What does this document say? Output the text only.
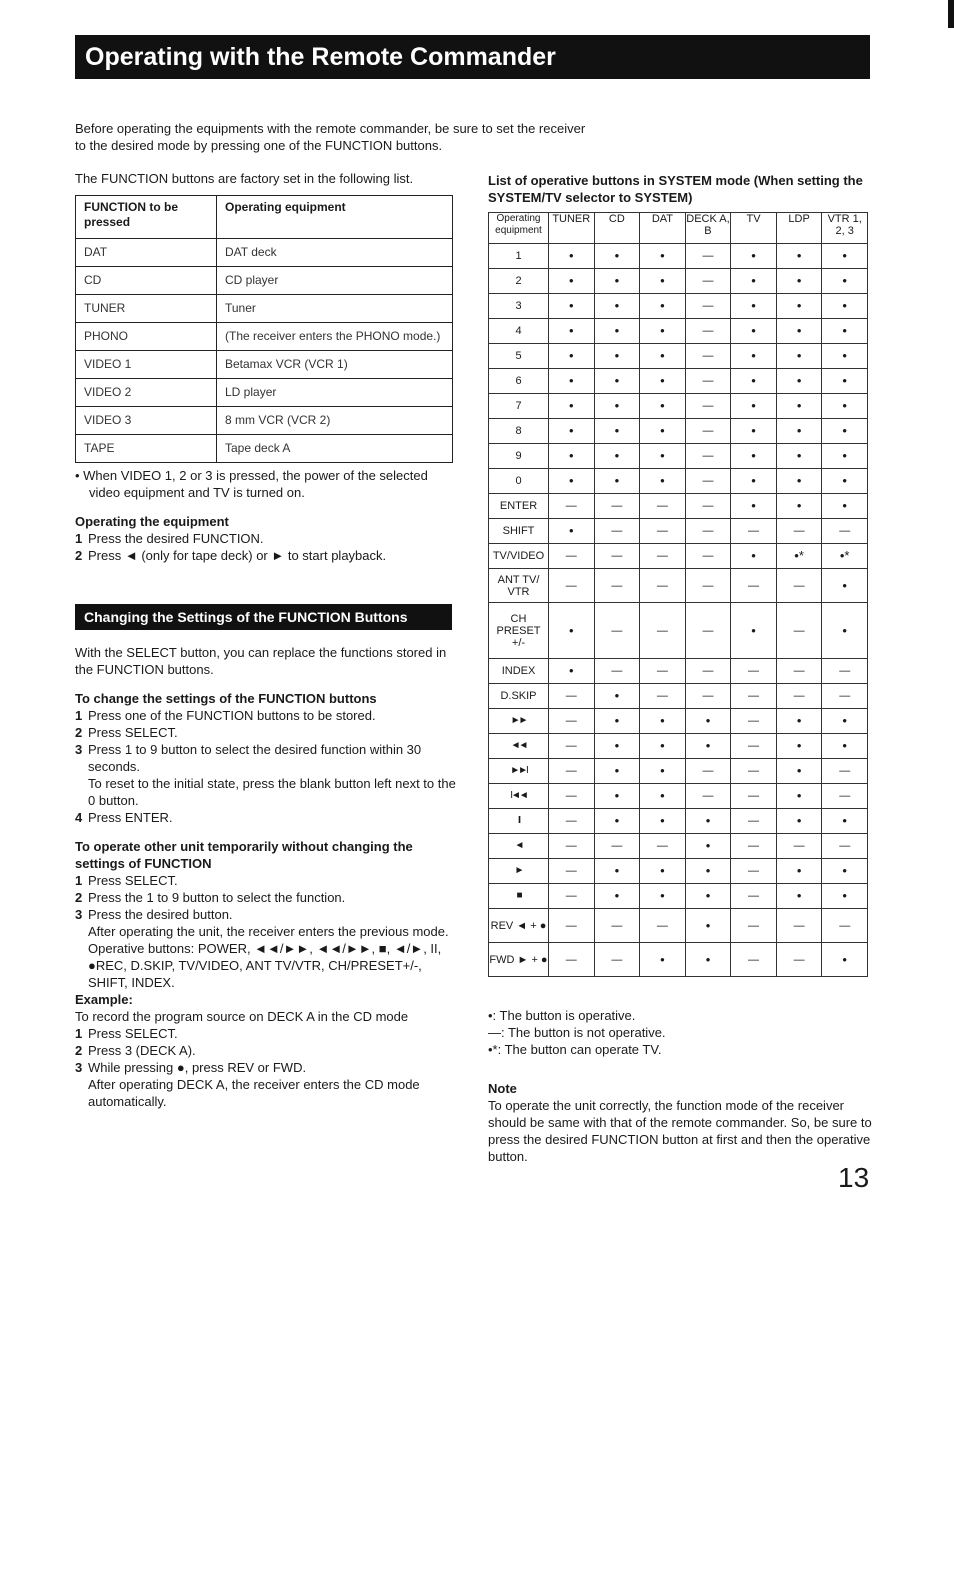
Operating with the Remote Commander

Before operating the equipments with the remote commander, be sure to set the receiver to the desired mode by pressing one of the FUNCTION buttons.

The FUNCTION buttons are factory set in the following list.

FUNCTION to be pressed	Operating equipment
DAT	DAT deck
CD	CD player
TUNER	Tuner
PHONO	(The receiver enters the PHONO mode.)
VIDEO 1	Betamax VCR (VCR 1)
VIDEO 2	LD player
VIDEO 3	8 mm VCR (VCR 2)
TAPE	Tape deck A

• When VIDEO 1, 2 or 3 is pressed, the power of the selected video equipment and TV is turned on.

Operating the equipment

1 Press the desired FUNCTION.
2 Press ◄ (only for tape deck) or ► to start playback.
Changing the Settings of the FUNCTION Buttons

With the SELECT button, you can replace the functions stored in the FUNCTION buttons.

To change the settings of the FUNCTION buttons

1 Press one of the FUNCTION buttons to be stored.
2 Press SELECT.
3 Press 1 to 9 button to select the desired function within 30 seconds.
To reset to the initial state, press the blank button left next to the 0 button.
4 Press ENTER.

To operate other unit temporarily without changing the settings of FUNCTION

1 Press SELECT.
2 Press the 1 to 9 button to select the function.
3 Press the desired button.
After operating the unit, the receiver enters the previous mode.
Operative buttons: POWER, ◄◄/►►, ◄◄/►►, ■, ◄/►, II, ●REC, D.SKIP, TV/VIDEO, ANT TV/VTR, CH/PRESET+/-, SHIFT, INDEX.

Example:

To record the program source on DECK A in the CD mode

1 Press SELECT.
2 Press 3 (DECK A).
3 While pressing ●, press REV or FWD.
After operating DECK A, the receiver enters the CD mode automatically.

List of operative buttons in SYSTEM mode (When setting the SYSTEM/TV selector to SYSTEM)

Operating equipment	TUNER	CD	DAT	DECK A, B	TV	LDP	VTR 1, 2, 3
1	•	•	•	—	•	•	•
2	•	•	•	—	•	•	•
3	•	•	•	—	•	•	•
4	•	•	•	—	•	•	•
5	•	•	•	—	•	•	•
6	•	•	•	—	•	•	•
7	•	•	•	—	•	•	•
8	•	•	•	—	•	•	•
9	•	•	•	—	•	•	•
0	•	•	•	—	•	•	•
ENTER	—	—	—	—	•	•	•
SHIFT	•	—	—	—	—	—	—
TV/VIDEO	—	—	—	—	•	•*	•*
ANT TV/ VTR	—	—	—	—	—	—	•
CH PRESET +/-	•	—	—	—	•	—	•
INDEX	•	—	—	—	—	—	—
D.SKIP	—	•	—	—	—	—	—
►►	—	•	•	•	—	•	•
◄◄	—	•	•	•	—	•	•
►►I	—	•	•	—	—	•	—
I◄◄	—	•	•	—	—	•	—
II	—	•	•	•	—	•	•
◄	—	—	—	•	—	—	—
►	—	•	•	•	—	•	•
■	—	•	•	•	—	•	•
REV ◄ + ●	—	—	—	•	—	—	—
FWD ► + ●	—	—	•	•	—	—	•

•: The button is operative.

—: The button is not operative.

•*: The button can operate TV.

Note

To operate the unit correctly, the function mode of the receiver should be same with that of the remote commander. So, be sure to press the desired FUNCTION button at first and then the operative button.

13
